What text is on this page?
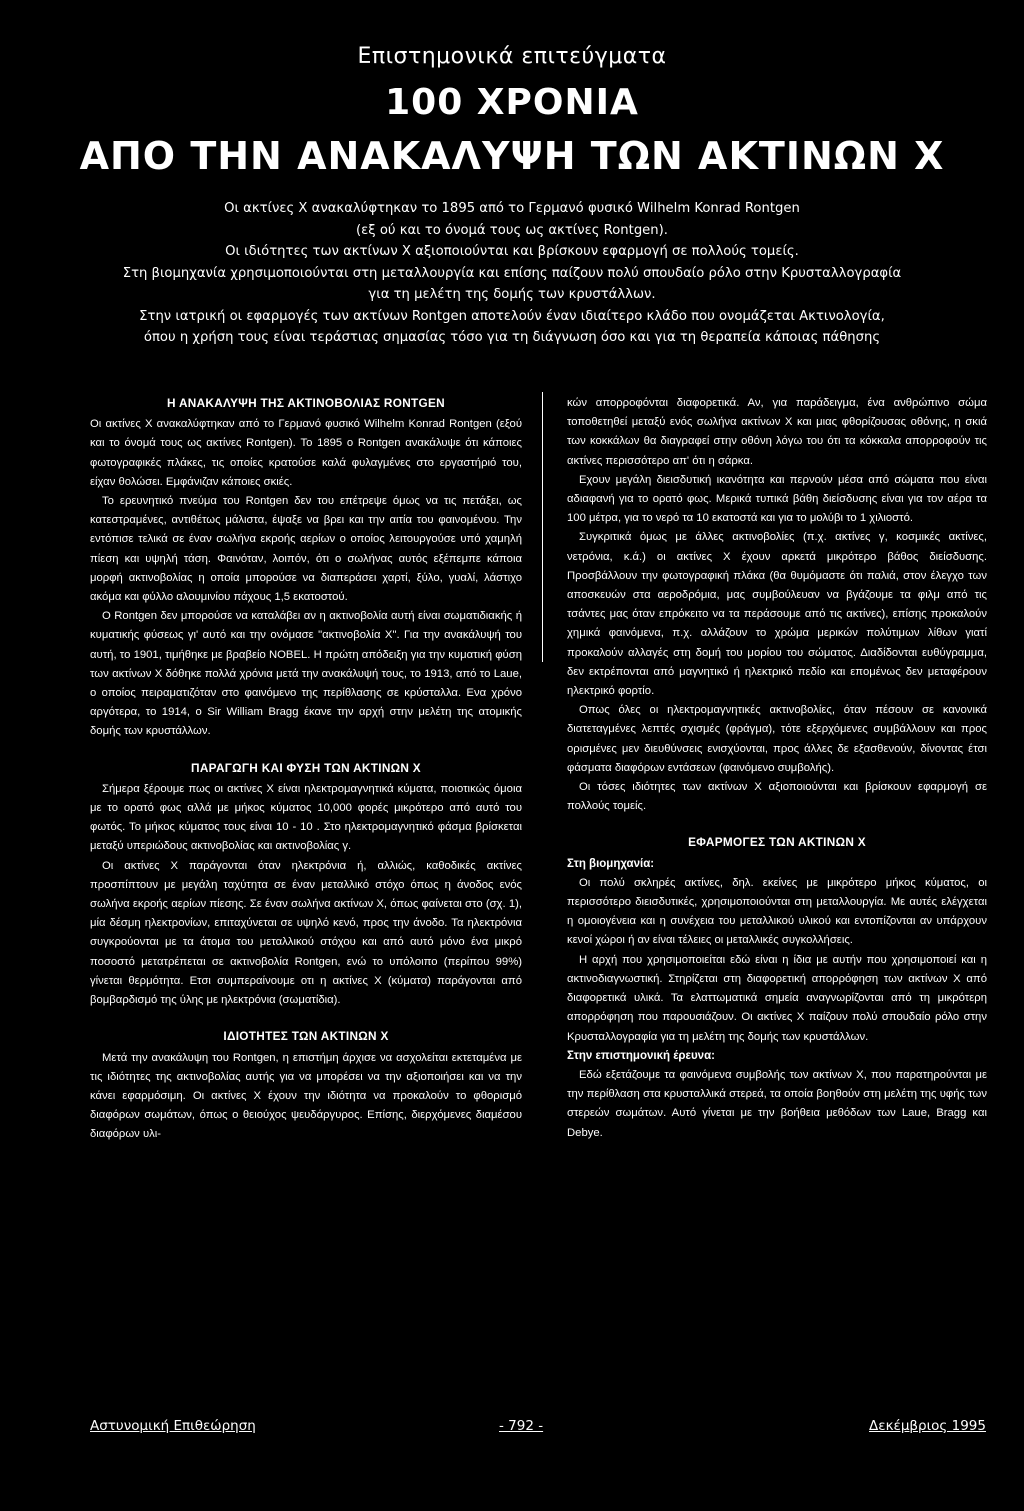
Επιστημονικά επιτεύγματα
100 ΧΡΟΝΙΑ
ΑΠΟ ΤΗΝ ΑΝΑΚΑΛΥΨΗ ΤΩΝ ΑΚΤΙΝΩΝ Χ

Οι ακτίνες Χ ανακαλύφτηκαν το 1895 από το Γερμανό φυσικό Wilhelm Konrad Rontgen

(εξ ού και το όνομά τους ως ακτίνες Rontgen).

Οι ιδιότητες των ακτίνων Χ αξιοποιούνται και βρίσκουν εφαρμογή σε πολλούς τομείς.

Στη βιομηχανία χρησιμοποιούνται στη μεταλλουργία και επίσης παίζουν πολύ σπουδαίο ρόλο στην Κρυσταλλογραφία

για τη μελέτη της δομής των κρυστάλλων.

Στην ιατρική οι εφαρμογές των ακτίνων Rontgen αποτελούν έναν ιδιαίτερο κλάδο που ονομάζεται Ακτινολογία,

όπου η χρήση τους είναι τεράστιας σημασίας τόσο για τη διάγνωση όσο και για τη θεραπεία κάποιας πάθησης

Η ΑΝΑΚΑΛΥΨΗ ΤΗΣ ΑΚΤΙΝΟΒΟΛΙΑΣ RONTGEN

Οι ακτίνες Χ ανακαλύφτηκαν από το Γερμανό φυσικό Wilhelm Konrad Rontgen (εξού και το όνομά τους ως ακτίνες Rontgen). Το 1895 ο Rontgen ανακάλυψε ότι κάποιες φωτογραφικές πλάκες, τις οποίες κρατούσε καλά φυλαγμένες στο εργαστήριό του, είχαν θολώσει. Εμφάνιζαν κάποιες σκιές.

Το ερευνητικό πνεύμα του Rontgen δεν του επέτρεψε όμως να τις πετάξει, ως κατεστραμένες, αντιθέτως μάλιστα, έψαξε να βρει και την αιτία του φαινομένου. Την εντόπισε τελικά σε έναν σωλήνα εκροής αερίων ο οποίος λειτουργούσε υπό χαμηλή πίεση και υψηλή τάση. Φαινόταν, λοιπόν, ότι ο σωλήνας αυτός εξέπεμπε κάποια μορφή ακτινοβολίας η οποία μπορούσε να διαπεράσει χαρτί, ξύλο, γυαλί, λάστιχο ακόμα και φύλλο αλουμινίου πάχους 1,5 εκατοστού.

Ο Rontgen δεν μπορούσε να καταλάβει αν η ακτινοβολία αυτή είναι σωματιδιακής ή κυματικής φύσεως γι' αυτό και την ονόμασε "ακτινοβολία Χ". Για την ανακάλυψή του αυτή, το 1901, τιμήθηκε με βραβείο NOBEL. Η πρώτη απόδειξη για την κυματική φύση των ακτίνων Χ δόθηκε πολλά χρόνια μετά την ανακάλυψή τους, το 1913, από το Laue, ο οποίος πειραματιζόταν στο φαινόμενο της περίθλασης σε κρύσταλλα. Ενα χρόνο αργότερα, το 1914, ο Sir William Bragg έκανε την αρχή στην μελέτη της ατομικής δομής των κρυστάλλων.

ΠΑΡΑΓΩΓΗ ΚΑΙ ΦΥΣΗ ΤΩΝ ΑΚΤΙΝΩΝ Χ

Σήμερα ξέρουμε πως οι ακτίνες Χ είναι ηλεκτρομαγνητικά κύματα, ποιοτικώς όμοια με το ορατό φως αλλά με μήκος κύματος 10,000 φορές μικρότερο από αυτό του φωτός. Το μήκος κύματος τους είναι 10 - 10 . Στο ηλεκτρομαγνητικό φάσμα βρίσκεται μεταξύ υπεριώδους ακτινοβολίας και ακτινοβολίας γ.

Οι ακτίνες Χ παράγονται όταν ηλεκτρόνια ή, αλλιώς, καθοδικές ακτίνες προσπίπτουν με μεγάλη ταχύτητα σε έναν μεταλλικό στόχο όπως η άνοδος ενός σωλήνα εκροής αερίων πίεσης. Σε έναν σωλήνα ακτίνων Χ, όπως φαίνεται στο (σχ. 1), μία δέσμη ηλεκτρονίων, επιταχύνεται σε υψηλό κενό, προς την άνοδο. Τα ηλεκτρόνια συγκρούονται με τα άτομα του μεταλλικού στόχου και από αυτό μόνο ένα μικρό ποσοστό μετατρέπεται σε ακτινοβολία Rontgen, ενώ το υπόλοιπο (περίπου 99%) γίνεται θερμότητα. Ετσι συμπεραίνουμε οτι η ακτίνες Χ (κύματα) παράγονται από βομβαρδισμό της ύλης με ηλεκτρόνια (σωματίδια).

ΙΔΙΟΤΗΤΕΣ ΤΩΝ ΑΚΤΙΝΩΝ Χ

Μετά την ανακάλυψη του Rontgen, η επιστήμη άρχισε να ασχολείται εκτεταμένα με τις ιδιότητες της ακτινοβολίας αυτής για να μπορέσει να την αξιοποιήσει και να την κάνει εφαρμόσιμη. Οι ακτίνες Χ έχουν την ιδιότητα να προκαλούν το φθορισμό διαφόρων σωμάτων, όπως ο θειούχος ψευδάργυρος. Επίσης, διερχόμενες διαμέσου διαφόρων υλι-

κών απορροφόνται διαφορετικά. Αν, για παράδειγμα, ένα ανθρώπινο σώμα τοποθετηθεί μεταξύ ενός σωλήνα ακτίνων Χ και μιας φθορίζουσας οθόνης, η σκιά των κοκκάλων θα διαγραφεί στην οθόνη λόγω του ότι τα κόκκαλα απορροφούν τις ακτίνες περισσότερο απ' ότι η σάρκα.

Εχουν μεγάλη διεισδυτική ικανότητα και περνούν μέσα από σώματα που είναι αδιαφανή για το ορατό φως. Μερικά τυπικά βάθη διείσδυσης είναι για τον αέρα τα 100 μέτρα, για το νερό τα 10 εκατοστά και για το μολύβι το 1 χιλιοστό.

Συγκριτικά όμως με άλλες ακτινοβολίες (π.χ. ακτίνες γ, κοσμικές ακτίνες, νετρόνια, κ.ά.) οι ακτίνες Χ έχουν αρκετά μικρότερο βάθος διείσδυσης. Προσβάλλουν την φωτογραφική πλάκα (θα θυμόμαστε ότι παλιά, στον έλεγχο των αποσκευών στα αεροδρόμια, μας συμβούλευαν να βγάζουμε τα φιλμ από τις τσάντες μας όταν επρόκειτο να τα περάσουμε από τις ακτίνες), επίσης προκαλούν χημικά φαινόμενα, π.χ. αλλάζουν το χρώμα μερικών πολύτιμων λίθων γιατί προκαλούν αλλαγές στη δομή του μορίου του σώματος. Διαδίδονται ευθύγραμμα, δεν εκτρέπονται από μαγνητικό ή ηλεκτρικό πεδίο και επομένως δεν μεταφέρουν ηλεκτρικό φορτίο.

Οπως όλες οι ηλεκτρομαγνητικές ακτινοβολίες, όταν πέσουν σε κανονικά διατεταγμένες λεπτές σχισμές (φράγμα), τότε εξερχόμενες συμβάλλουν και προς ορισμένες μεν διευθύνσεις ενισχύονται, προς άλλες δε εξασθενούν, δίνοντας έτσι φάσματα διαφόρων εντάσεων (φαινόμενο συμβολής).

Οι τόσες ιδιότητες των ακτίνων Χ αξιοποιούνται και βρίσκουν εφαρμογή σε πολλούς τομείς.

ΕΦΑΡΜΟΓΕΣ ΤΩΝ ΑΚΤΙΝΩΝ Χ
Στη βιομηχανία:

Οι πολύ σκληρές ακτίνες, δηλ. εκείνες με μικρότερο μήκος κύματος, οι περισσότερο διεισδυτικές, χρησιμοποιούνται στη μεταλλουργία. Με αυτές ελέγχεται η ομοιογένεια και η συνέχεια του μεταλλικού υλικού και εντοπίζονται αν υπάρχουν κενοί χώροι ή αν είναι τέλειες οι μεταλλικές συγκολλήσεις.

Η αρχή που χρησιμοποιείται εδώ είναι η ίδια με αυτήν που χρησιμοποιεί και η ακτινοδιαγνωστική. Στηρίζεται στη διαφορετική απορρόφηση των ακτίνων Χ από διαφορετικά υλικά. Τα ελαττωματικά σημεία αναγνωρίζονται από τη μικρότερη απορρόφηση που παρουσιάζουν. Οι ακτίνες Χ παίζουν πολύ σπουδαίο ρόλο στην Κρυσταλλογραφία για τη μελέτη της δομής των κρυστάλλων.

Στην επιστημονική έρευνα:

Εδώ εξετάζουμε τα φαινόμενα συμβολής των ακτίνων Χ, που παρατηρούνται με την περίθλαση στα κρυσταλλικά στερεά, τα οποία βοηθούν στη μελέτη της υφής των στερεών σωμάτων. Αυτό γίνεται με την βοήθεια μεθόδων των Laue, Bragg και Debye.

Αστυνομική Επιθεώρηση	- 792 -	Δεκέμβριος 1995
